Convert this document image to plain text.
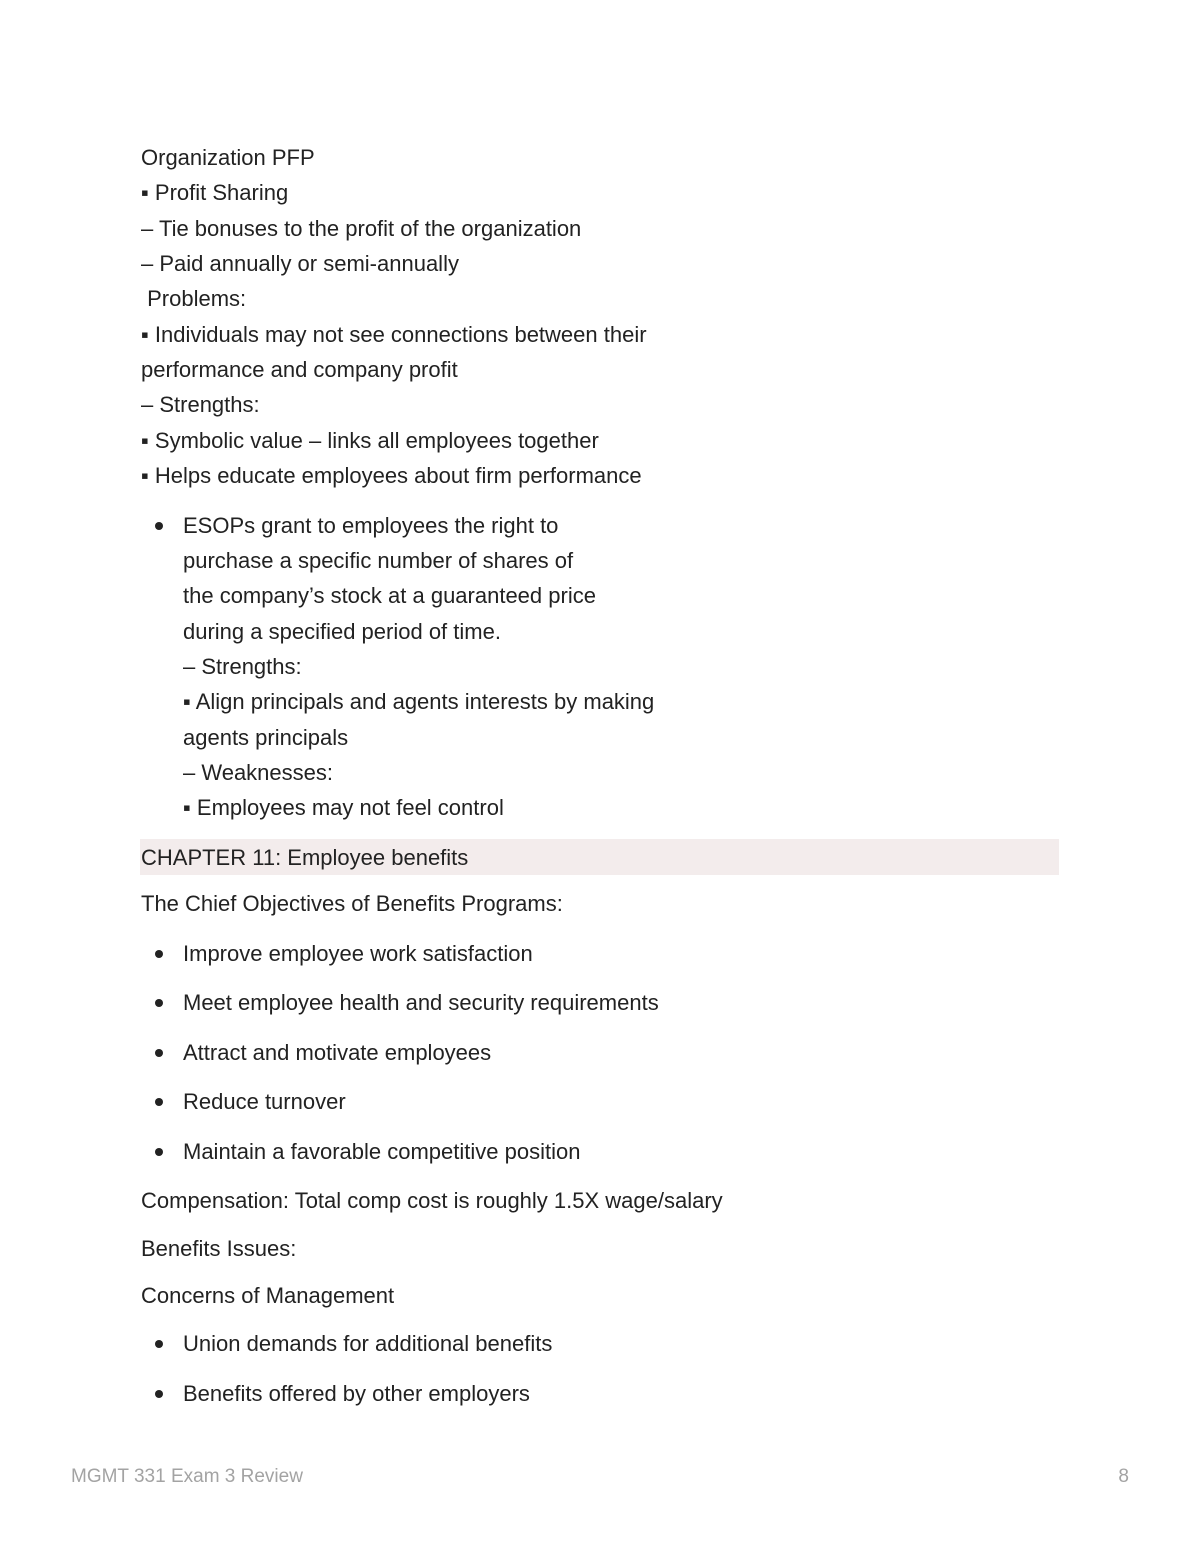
Organization PFP
▪ Profit Sharing
– Tie bonuses to the profit of the organization
– Paid annually or semi-annually
Problems:
▪ Individuals may not see connections between their
performance and company profit
– Strengths:
▪ Symbolic value – links all employees together
▪ Helps educate employees about firm performance
ESOPs grant to employees the right to
purchase a specific number of shares of
the company’s stock at a guaranteed price
during a specified period of time.
– Strengths:
▪ Align principals and agents interests by making
agents principals
– Weaknesses:
▪ Employees may not feel control
CHAPTER 11: Employee benefits
The Chief Objectives of Benefits Programs:
Improve employee work satisfaction
Meet employee health and security requirements
Attract and motivate employees
Reduce turnover
Maintain a favorable competitive position
Compensation: Total comp cost is roughly 1.5X wage/salary
Benefits Issues:
Concerns of Management
Union demands for additional benefits
Benefits offered by other employers
MGMT 331 Exam 3 Review	8
